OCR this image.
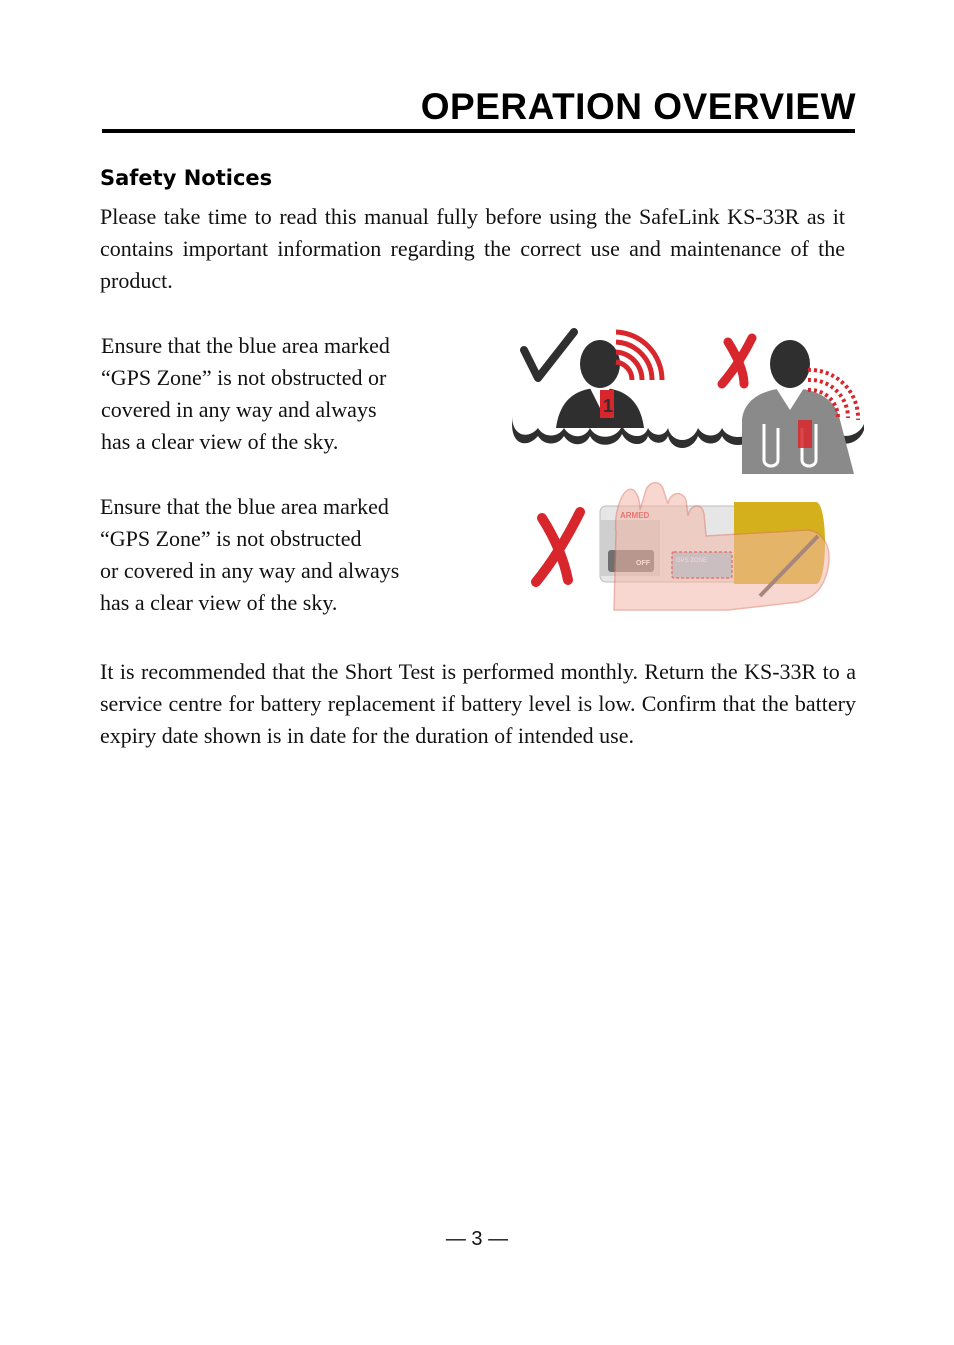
OPERATION OVERVIEW
Safety Notices
Please take time to read this manual fully before using the SafeLink KS-33R as it contains important information regarding the correct use and maintenance of the product.
Ensure that the blue area marked
“GPS Zone” is not obstructed or
covered in any way and always
has a clear view of the sky.
1
Ensure that the blue area marked
“GPS Zone” is not obstructed
or covered in any way and always
has a clear view of the sky.
It is recommended that the Short Test is performed monthly. Return the KS-33R to a service centre for battery replacement if battery level is low. Confirm that the battery expiry date shown is in date for the duration of intended use.
— 3 —
